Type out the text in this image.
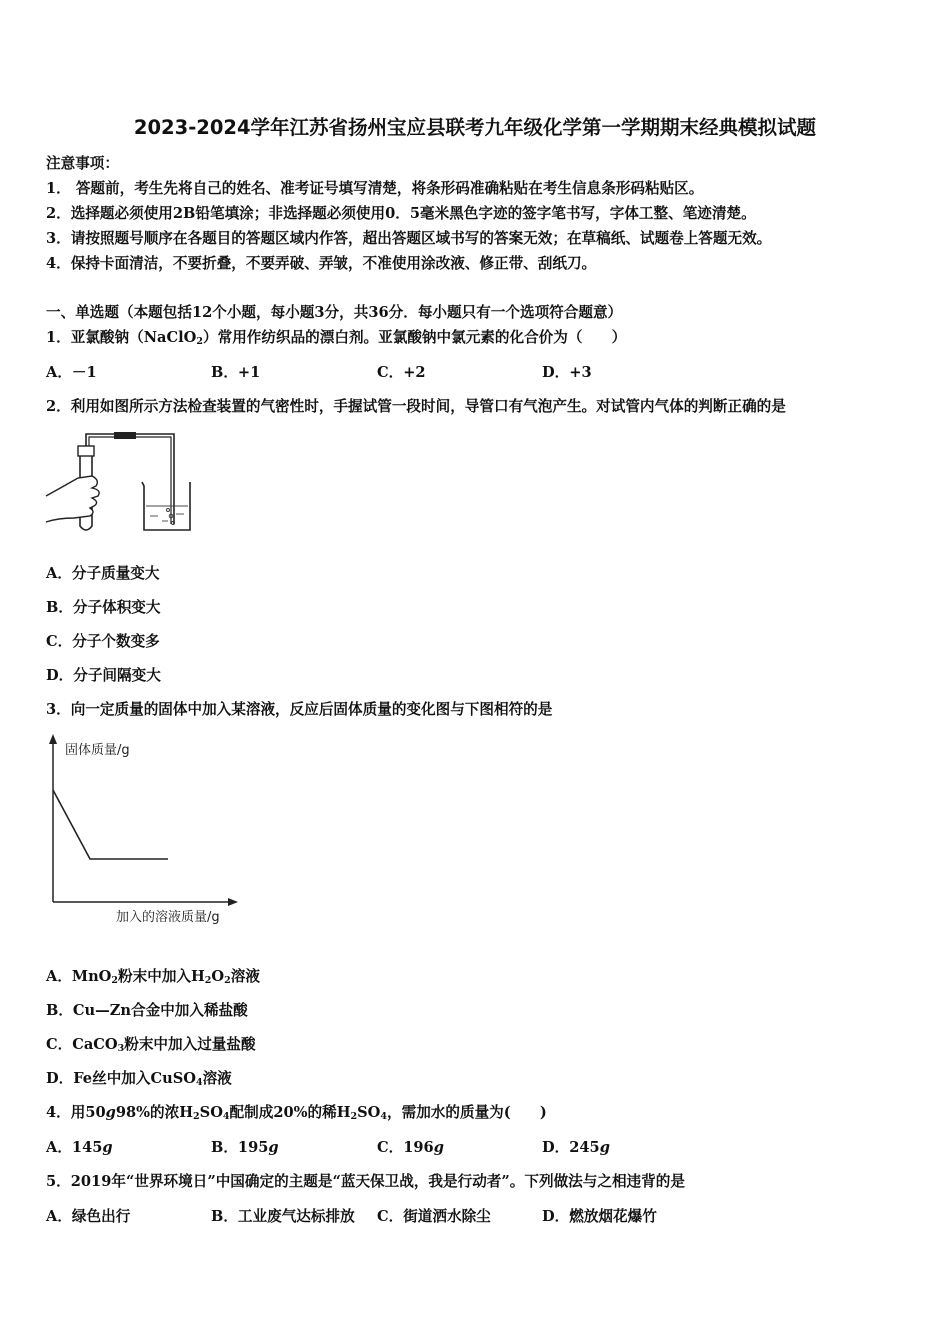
2023-2024学年江苏省扬州宝应县联考九年级化学第一学期期末经典模拟试题
注意事项：
1． 答题前，考生先将自己的姓名、准考证号填写清楚，将条形码准确粘贴在考生信息条形码粘贴区。
2．选择题必须使用2B铅笔填涂；非选择题必须使用0．5毫米黑色字迹的签字笔书写，字体工整、笔迹清楚。
3．请按照题号顺序在各题目的答题区域内作答，超出答题区域书写的答案无效；在草稿纸、试题卷上答题无效。
4．保持卡面清洁，不要折叠，不要弄破、弄皱，不准使用涂改液、修正带、刮纸刀。
一、单选题（本题包括12个小题，每小题3分，共36分．每小题只有一个选项符合题意）
1．亚氯酸钠（NaClO$_2$）常用作纺织品的漂白剂。亚氯酸钠中氯元素的化合价为（　　）
A．－1	B．+1	C．+2	D．+3
2．利用如图所示方法检查装置的气密性时，手握试管一段时间，导管口有气泡产生。对试管内气体的判断正确的是
A．分子质量变大
B．分子体积变大
C．分子个数变多
D．分子间隔变大
3．向一定质量的固体中加入某溶液，反应后固体质量的变化图与下图相符的是
固体质量/g
加入的溶液质量/g
A．MnO$_2$粉末中加入$H_2O_2$溶液
B．Cu—Zn合金中加入稀盐酸
C．CaCO$_3$粉末中加入过量盐酸
D．Fe丝中加入CuSO$_4$溶液
4．用50g98%的浓$H_2SO_4$配制成20%的稀$H_2SO_4$，需加水的质量为(　　)
A．145g	B．195g	C．196g	D．245g
5．2019年“世界环境日”中国确定的主题是“蓝天保卫战，我是行动者”。下列做法与之相违背的是
A．绿色出行	B．工业废气达标排放 C．街道洒水除尘	D．燃放烟花爆竹
